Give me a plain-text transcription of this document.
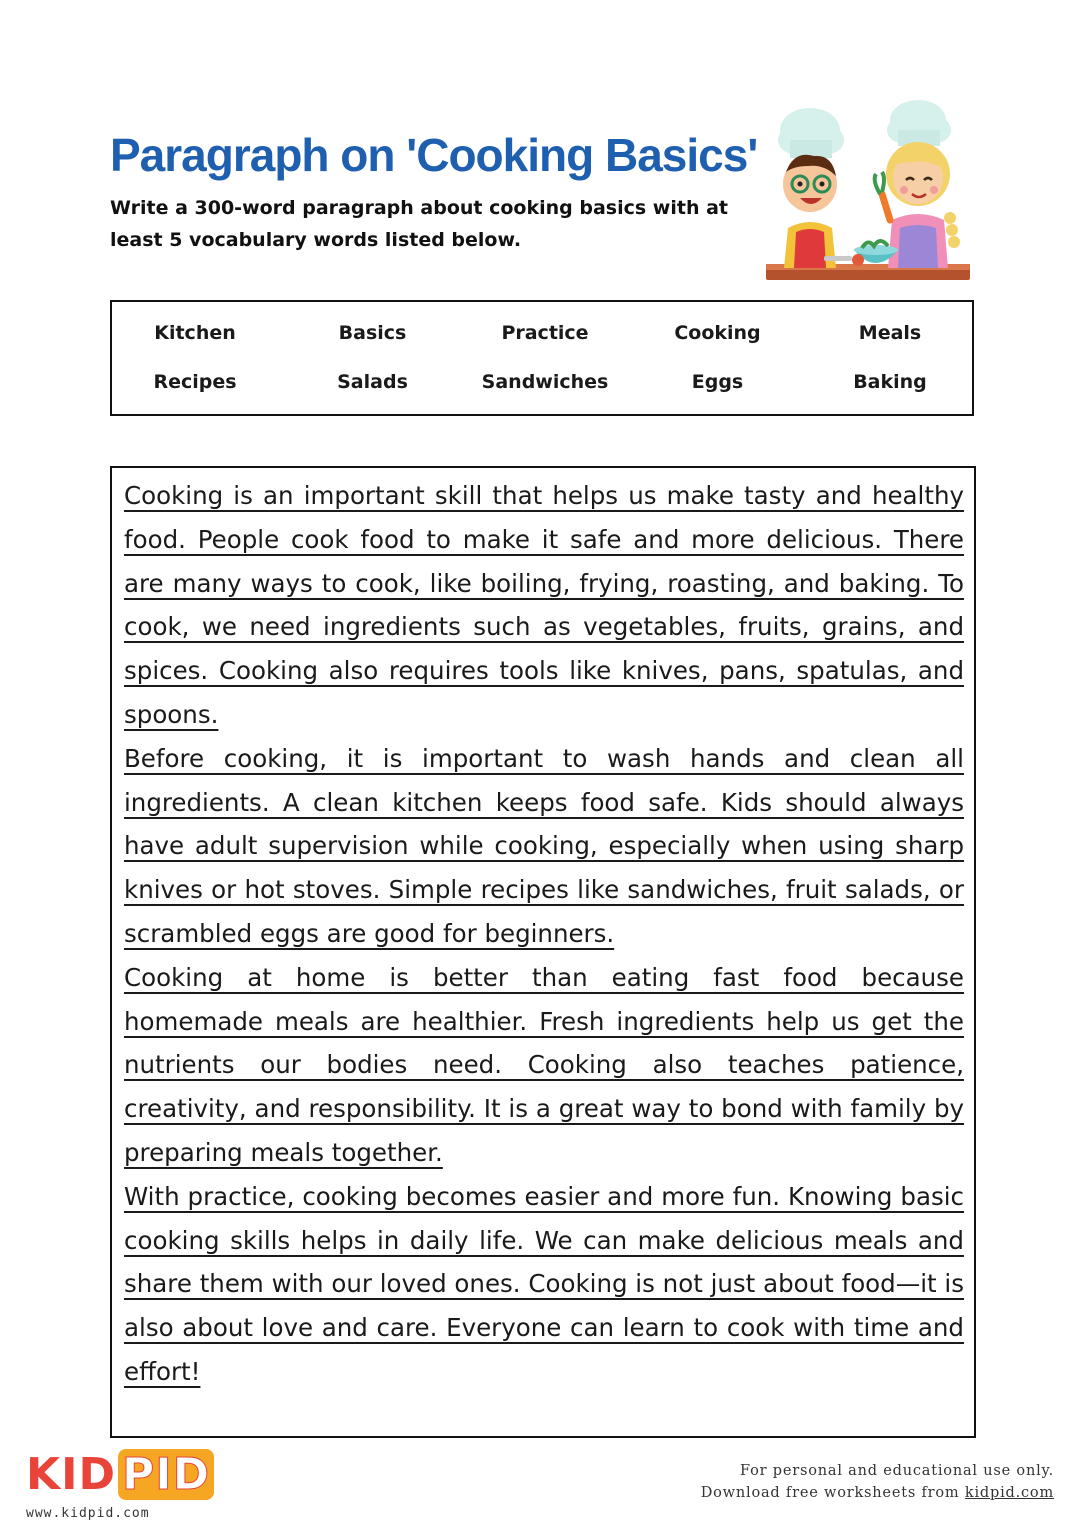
Paragraph on 'Cooking Basics'
Write a 300-word paragraph about cooking basics with at least 5 vocabulary words listed below.
Kitchen	Basics	Practice	Cooking	Meals
Recipes	Salads	Sandwiches	Eggs	Baking

Cooking is an important skill that helps us make tasty and healthy food. People cook food to make it safe and more delicious. There are many ways to cook, like boiling, frying, roasting, and baking. To cook, we need ingredients such as vegetables, fruits, grains, and spices. Cooking also requires tools like knives, pans, spatulas, and spoons.

Before cooking, it is important to wash hands and clean all ingredients. A clean kitchen keeps food safe. Kids should always have adult supervision while cooking, especially when using sharp knives or hot stoves. Simple recipes like sandwiches, fruit salads, or scrambled eggs are good for beginners.

Cooking at home is better than eating fast food because homemade meals are healthier. Fresh ingredients help us get the nutrients our bodies need. Cooking also teaches patience, creativity, and responsibility. It is a great way to bond with family by preparing meals together.

With practice, cooking becomes easier and more fun. Knowing basic cooking skills helps in daily life. We can make delicious meals and share them with our loved ones. Cooking is not just about food—it is also about love and care. Everyone can learn to cook with time and effort!

KID PID
www.kidpid.com
For personal and educational use only.
Download free worksheets from kidpid.com
